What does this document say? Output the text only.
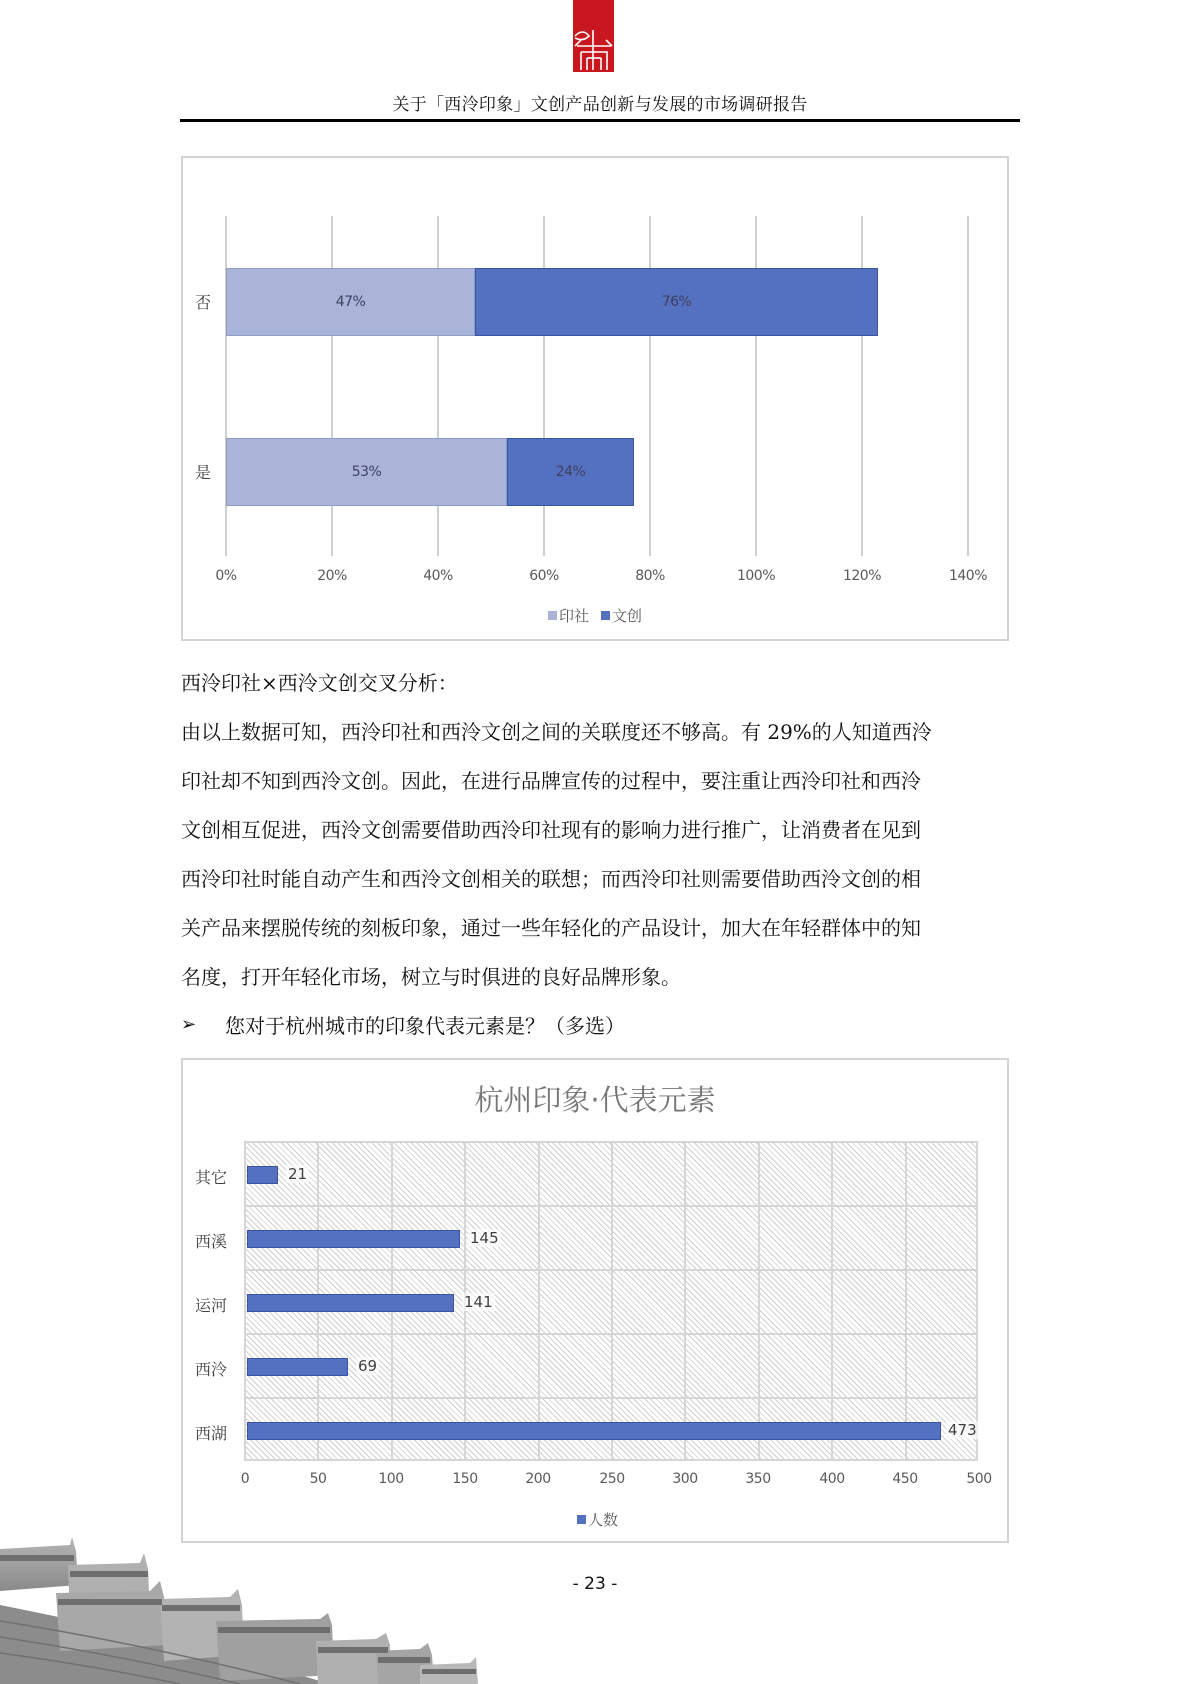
关于「西泠印象」文创产品创新与发展的市场调研报告
否
是
47%	76%
53%	24%
0%	20%	40%	60%	80%	100%	120%	140%
印社 文创
西泠印社×西泠文创交叉分析：
由以上数据可知，西泠印社和西泠文创之间的关联度还不够高。有 29%的人知道西泠
印社却不知到西泠文创。因此，在进行品牌宣传的过程中，要注重让西泠印社和西泠
文创相互促进，西泠文创需要借助西泠印社现有的影响力进行推广，让消费者在见到
西泠印社时能自动产生和西泠文创相关的联想；而西泠印社则需要借助西泠文创的相
关产品来摆脱传统的刻板印象，通过一些年轻化的产品设计，加大在年轻群体中的知
名度，打开年轻化市场，树立与时俱进的良好品牌形象。
➢	您对于杭州城市的印象代表元素是？（多选）
杭州印象·代表元素
21
145
141
69
473
其它
西溪
运河
西泠
西湖
0	50	100	150	200	250	300	350	400	450	500
人数
- 23 -
